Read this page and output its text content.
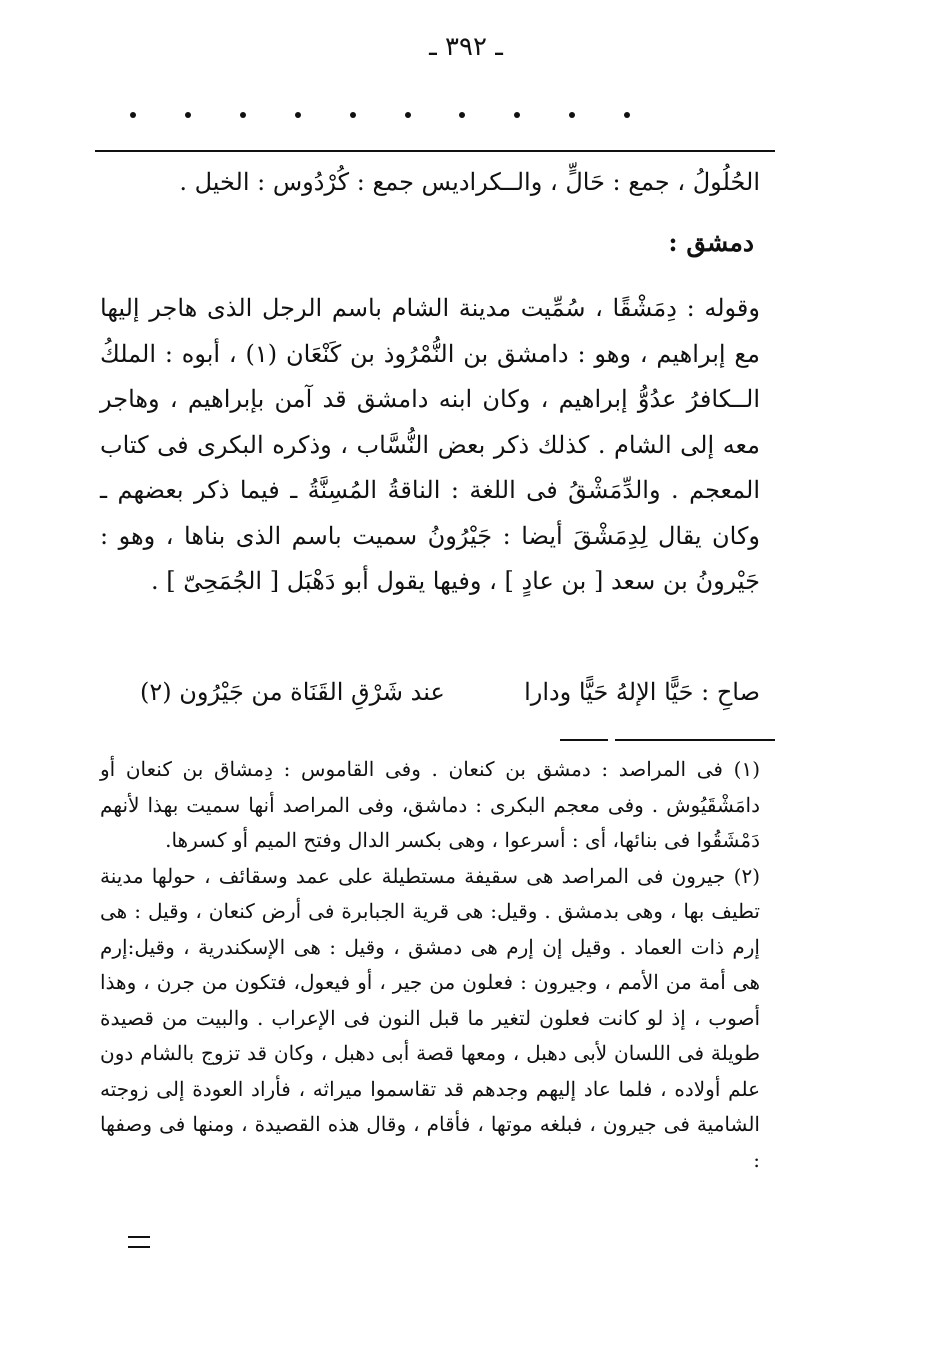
ـ ٣٩٢ ـ
الحُلُولُ ، جمع : حَالٍّ ، والــكراديس جمع : كُرْدُوس : الخيل .
دمشق :
وقوله : دِمَشْقًا ، سُمِّيت مدينة الشام باسم الرجل الذى هاجر إليها مع إبراهيم ، وهو : دامشق بن النُّمْرُوذ بن كَنْعَان (١) ، أبوه : الملكُ الــكافرُ عدُوُّ إبراهيم ، وكان ابنه دامشق قد آمن بإبراهيم ، وهاجر معه إلى الشام . كذلك ذكر بعض النُّسَّاب ، وذكره البكرى فى كتاب المعجم . والدِّمَشْقُ فى اللغة : الناقةُ المُسِنَّةُ ـ فيما ذكر بعضهم ـ وكان يقال لِدِمَشْقَ أيضا : جَيْرُونُ سميت باسم الذى بناها ، وهو : جَيْرونُ بن سعد [ بن عادٍ ] ، وفيها يقول أبو دَهْبَل [ الجُمَحِىّ ] .
صاحِ : حَيًّا الإلهُ حَيًّا ودارا
عند شَرْقِ القَنَاة من جَيْرُون (٢)

(١) فى المراصد : دمشق بن كنعان . وفى القاموس : دِمشاق بن كنعان أو دامَشْقَيُوش . وفى معجم البكرى : دماشق، وفى المراصد أنها سميت بهذا لأنهم دَمْشَقُوا فى بنائها، أى : أسرعوا ، وهى بكسر الدال وفتح الميم أو كسرها.

(٢) جيرون فى المراصد هى سقيفة مستطيلة على عمد وسقائف ، حولها مدينة تطيف بها ، وهى بدمشق . وقيل: هى قرية الجبابرة فى أرض كنعان ، وقيل : هى إرم ذات العماد . وقيل إن إرم هى دمشق ، وقيل : هى الإسكندرية ، وقيل:إرم هى أمة من الأمم ، وجيرون : فعلون من جير ، أو فيعول، فتكون من جرن ، وهذا أصوب ، إذ لو كانت فعلون لتغير ما قبل النون فى الإعراب . والبيت من قصيدة طويلة فى اللسان لأبى دهبل ، ومعها قصة أبى دهبل ، وكان قد تزوج بالشام دون علم أولاده ، فلما عاد إليهم وجدهم قد تقاسموا ميراثه ، فأراد العودة إلى زوجته الشامية فى جيرون ، فبلغه موتها ، فأقام ، وقال هذه القصيدة ، ومنها فى وصفها :
